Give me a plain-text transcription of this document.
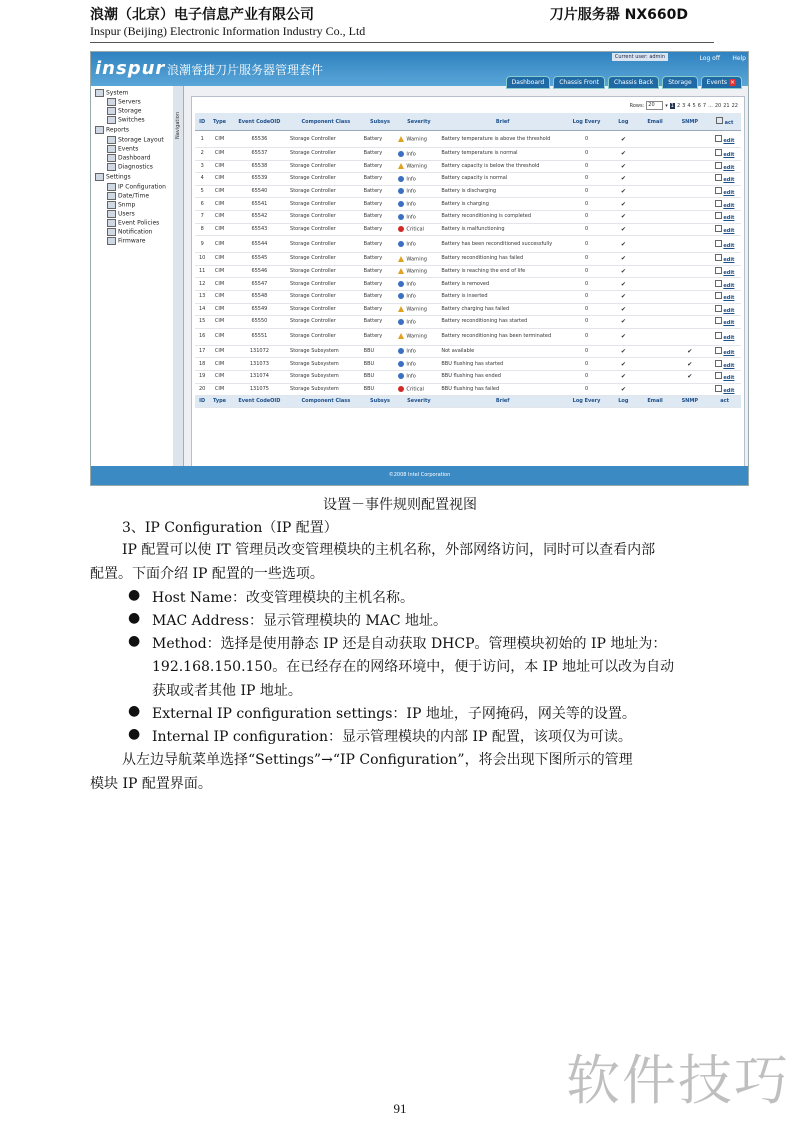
浪潮（北京）电子信息产业有限公司	刀片服务器 NX660D
Inspur (Beijing) Electronic Information Industry Co., Ltd
inspur 浪潮睿捷刀片服务器管理套件
Current user: admin	Log off Help
Dashboard	Chassis Front	Chassis Back	Storage	Events ×
System
Servers
Storage
Switches
Reports
Storage Layout
Events
Dashboard
Diagnostics
Settings
IP Configuration
Date/Time
Snmp
Users
Event Policies
Notification
Firmware
Navigation
Rows: 20	▾ 1 2 3 4 5 6 7 ... 20 21 22
ID	Type	Event CodeOID	Component Class	Subsys	Severity	Brief	Log Every	Log	Email	SNMP	act
1	CIM	65536	Storage Controller	Battery	Warning	Battery temperature is above the threshold	0	✔			edit
2	CIM	65537	Storage Controller	Battery	Info	Battery temperature is normal	0	✔			edit
3	CIM	65538	Storage Controller	Battery	Warning	Battery capacity is below the threshold	0	✔			edit
4	CIM	65539	Storage Controller	Battery	Info	Battery capacity is normal	0	✔			edit
5	CIM	65540	Storage Controller	Battery	Info	Battery is discharging	0	✔			edit
6	CIM	65541	Storage Controller	Battery	Info	Battery is charging	0	✔			edit
7	CIM	65542	Storage Controller	Battery	Info	Battery reconditioning is completed	0	✔			edit
8	CIM	65543	Storage Controller	Battery	Critical	Battery is malfunctioning	0	✔			edit
9	CIM	65544	Storage Controller	Battery	Info	Battery has been reconditioned successfully	0	✔			edit
10	CIM	65545	Storage Controller	Battery	Warning	Battery reconditioning has failed	0	✔			edit
11	CIM	65546	Storage Controller	Battery	Warning	Battery is reaching the end of life	0	✔			edit
12	CIM	65547	Storage Controller	Battery	Info	Battery is removed	0	✔			edit
13	CIM	65548	Storage Controller	Battery	Info	Battery is inserted	0	✔			edit
14	CIM	65549	Storage Controller	Battery	Warning	Battery charging has failed	0	✔			edit
15	CIM	65550	Storage Controller	Battery	Info	Battery reconditioning has started	0	✔			edit
16	CIM	65551	Storage Controller	Battery	Warning	Battery reconditioning has been terminated	0	✔			edit
17	CIM	131072	Storage Subsystem	BBU	Info	Not available	0	✔		✔	edit
18	CIM	131073	Storage Subsystem	BBU	Info	BBU flushing has started	0	✔		✔	edit
19	CIM	131074	Storage Subsystem	BBU	Info	BBU flushing has ended	0	✔		✔	edit
20	CIM	131075	Storage Subsystem	BBU	Critical	BBU flushing has failed	0	✔			edit
ID	Type	Event CodeOID	Component Class	Subsys	Severity	Brief	Log Every	Log	Email	SNMP	act
©2008 Intel Corporation
设置－事件规则配置视图
3、IP Configuration（IP 配置）
IP 配置可以使 IT 管理员改变管理模块的主机名称，外部网络访问，同时可以查看内部
配置。下面介绍 IP 配置的一些选项。
● Host Name：改变管理模块的主机名称。
● MAC Address：显示管理模块的 MAC 地址。
● Method：选择是使用静态 IP 还是自动获取 DHCP。管理模块初始的 IP 地址为：
192.168.150.150。在已经存在的网络环境中，便于访问，本 IP 地址可以改为自动
获取或者其他 IP 地址。
● External IP configuration settings：IP 地址，子网掩码，网关等的设置。
● Internal IP configuration：显示管理模块的内部 IP 配置，该项仅为可读。
从左边导航菜单选择“Settings”→“IP Configuration”，将会出现下图所示的管理
模块 IP 配置界面。
软件技巧
91
